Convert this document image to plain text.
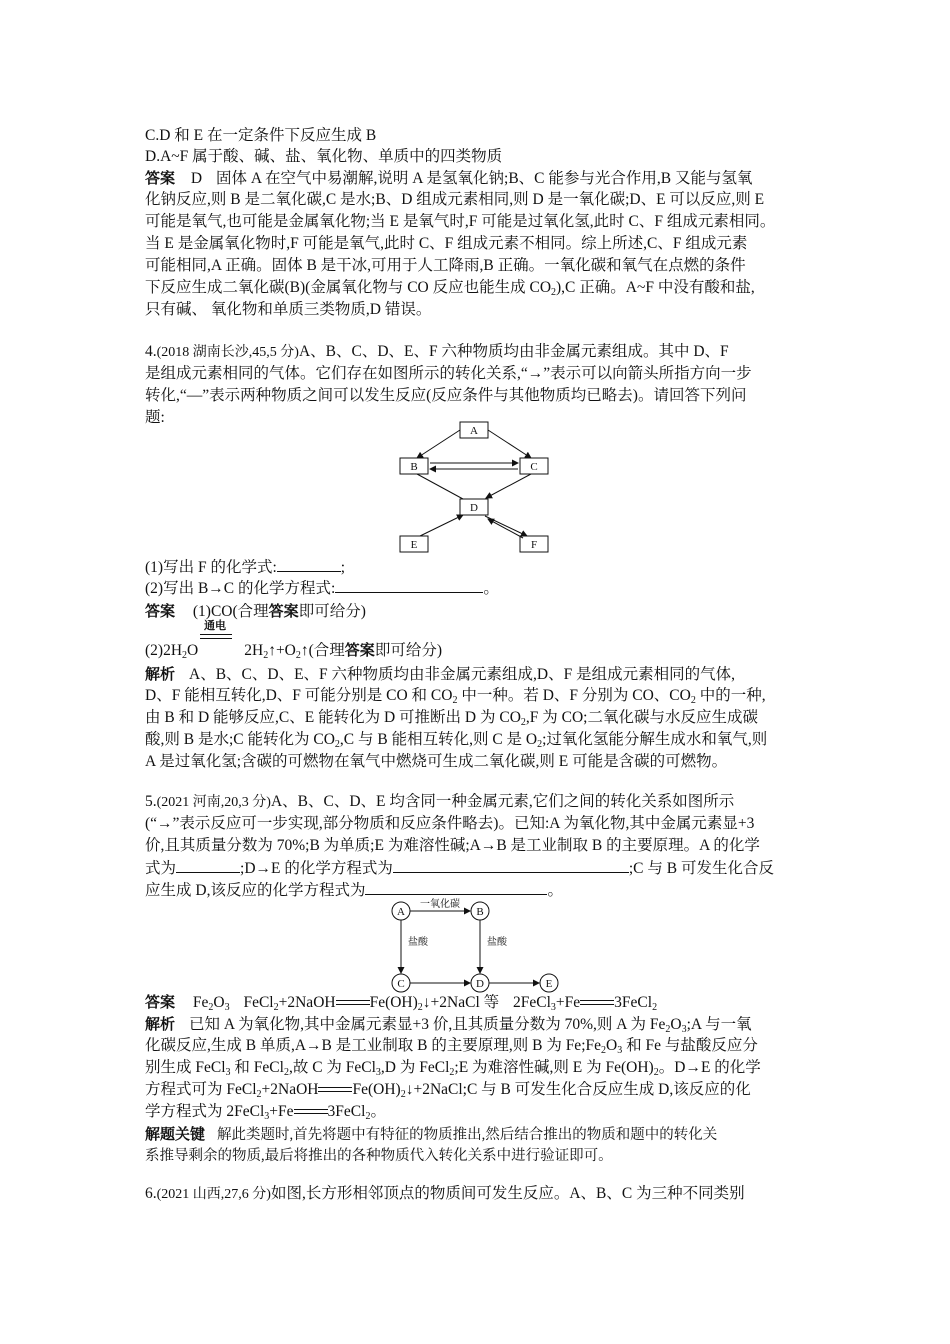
C.D 和 E 在一定条件下反应生成 B
D.A~F 属于酸、碱、盐、氧化物、单质中的四类物质
答案 D 固体 A 在空气中易潮解,说明 A 是氢氧化钠;B、C 能参与光合作用,B 又能与氢氧
化钠反应,则 B 是二氧化碳,C 是水;B、D 组成元素相同,则 D 是一氧化碳;D、E 可以反应,则 E
可能是氧气,也可能是金属氧化物;当 E 是氧气时,F 可能是过氧化氢,此时 C、F 组成元素相同。
当 E 是金属氧化物时,F 可能是氧气,此时 C、F 组成元素不相同。综上所述,C、F 组成元素
可能相同,A 正确。固体 B 是干冰,可用于人工降雨,B 正确。一氧化碳和氧气在点燃的条件
下反应生成二氧化碳(B)(金属氧化物与 CO 反应也能生成 $CO_2),C$ 正确。A~F 中没有酸和盐,
只有碱、 氧化物和单质三类物质,D 错误。
4.(2018 湖南长沙,45,5 分)A、B、C、D、E、F 六种物质均由非金属元素组成。其中 D、F
是组成元素相同的气体。它们存在如图所示的转化关系,“→”表示可以向箭头所指方向一步
转化,“—”表示两种物质之间可以发生反应(反应条件与其他物质均已略去)。请回答下列问
题:
A
B	C
D
E	F
(1)写出 F 的化学式:	;
(2)写出 B→C 的化学方程式:	。
答案 (1)CO(合理答案即可给分)
通电
$(2)2H_2O$	$2H_2↑+O_2↑$(合理答案即可给分)
解析 A、B、C、D、E、F 六种物质均由非金属元素组成,D、F 是组成元素相同的气体,
D、F 能相互转化,D、F 可能分别是 CO 和 $CO_2$ 中一种。若 D、F 分别为 CO、$CO_2$ 中的一种,
由 B 和 D 能够反应,C、E 能转化为 D 可推断出 D 为 $CO_2,F$ 为 CO;二氧化碳与水反应生成碳
酸,则 B 是水;C 能转化为 $CO_2,C$ 与 B 能相互转化,则 C 是 $O_2$;过氧化氢能分解生成水和氧气,则
A 是过氧化氢;含碳的可燃物在氧气中燃烧可生成二氧化碳,则 E 可能是含碳的可燃物。
5.(2021 河南,20,3 分)A、B、C、D、E 均含同一种金属元素,它们之间的转化关系如图所示
(“→”表示反应可一步实现,部分物质和反应条件略去)。已知:A 为氧化物,其中金属元素显+3
价,且其质量分数为 70%;B 为单质;E 为难溶性碱;A→B 是工业制取 B 的主要原理。A 的化学
式为	;D→E 的化学方程式为	;C 与 B 可发生化合反
应生成 D,该反应的化学方程式为	。
A	B
C	D	E
一氧化碳
盐酸	盐酸
答案 $Fe_2O_3$ FeCl$_2$+2NaOH $Fe(OH)_2↓+2NaCl$ 等 2FeCl$_3$+Fe 3FeCl$_2$
解析 已知 A 为氧化物,其中金属元素显+3 价,且其质量分数为 70%,则 A 为 $Fe_2O_3;A$ 与一氧
化碳反应,生成 B 单质,A→B 是工业制取 B 的主要原理,则 B 为 $Fe;Fe_2O_3$ 和 Fe 与盐酸反应分
别生成 FeCl$_3$ 和 FeCl$_2$,故 C 为 FeCl$_3$,D 为 FeCl$_2$;E 为难溶性碱,则 E 为 $Fe(OH)_2$。D→E 的化学
方程式可为 FeCl$_2$+2NaOH $Fe(OH)_2↓+2NaCl;C$ 与 B 可发生化合反应生成 D,该反应的化
学方程式为 2FeCl$_3$+Fe 3FeCl$_2$。
解题关键 解此类题时,首先将题中有特征的物质推出,然后结合推出的物质和题中的转化关
系推导剩余的物质,最后将推出的各种物质代入转化关系中进行验证即可。
6.(2021 山西,27,6 分)如图,长方形相邻顶点的物质间可发生反应。A、B、C 为三种不同类别
